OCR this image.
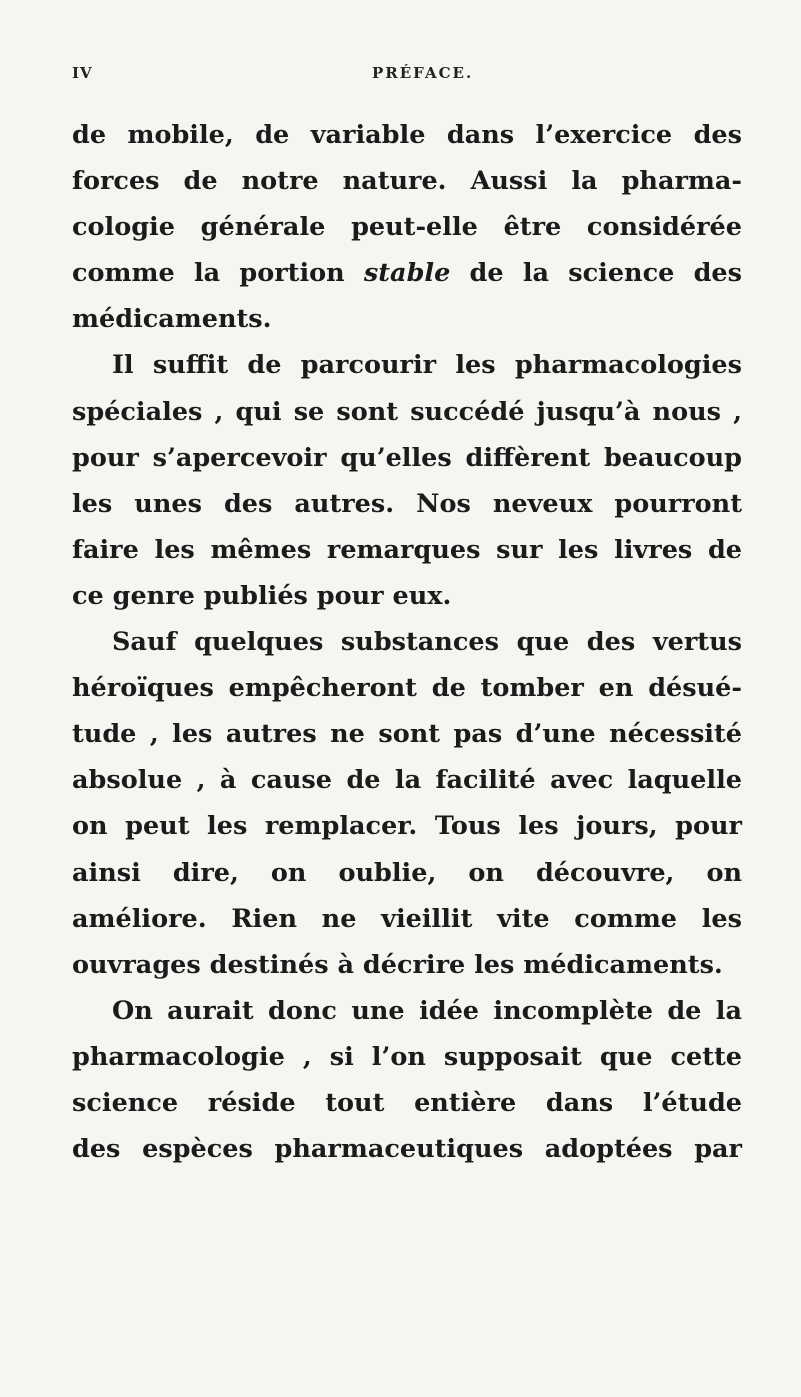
IV	PRÉFACE.
de mobile, de variable dans l’exercice des
forces de notre nature. Aussi la pharma-
cologie générale peut-elle être considérée
comme la portion stable de la science des
médicaments.
Il suffit de parcourir les pharmacologies
spéciales , qui se sont succédé jusqu’à nous ,
pour s’apercevoir qu’elles diffèrent beaucoup
les unes des autres. Nos neveux pourront
faire les mêmes remarques sur les livres de
ce genre publiés pour eux.
Sauf quelques substances que des vertus
héroïques empêcheront de tomber en désué-
tude , les autres ne sont pas d’une nécessité
absolue , à cause de la facilité avec laquelle
on peut les remplacer. Tous les jours, pour
ainsi dire, on oublie, on découvre, on
améliore. Rien ne vieillit vite comme les
ouvrages destinés à décrire les médicaments.
On aurait donc une idée incomplète de la
pharmacologie , si l’on supposait que cette
science réside tout entière dans l’étude
des espèces pharmaceutiques adoptées par
